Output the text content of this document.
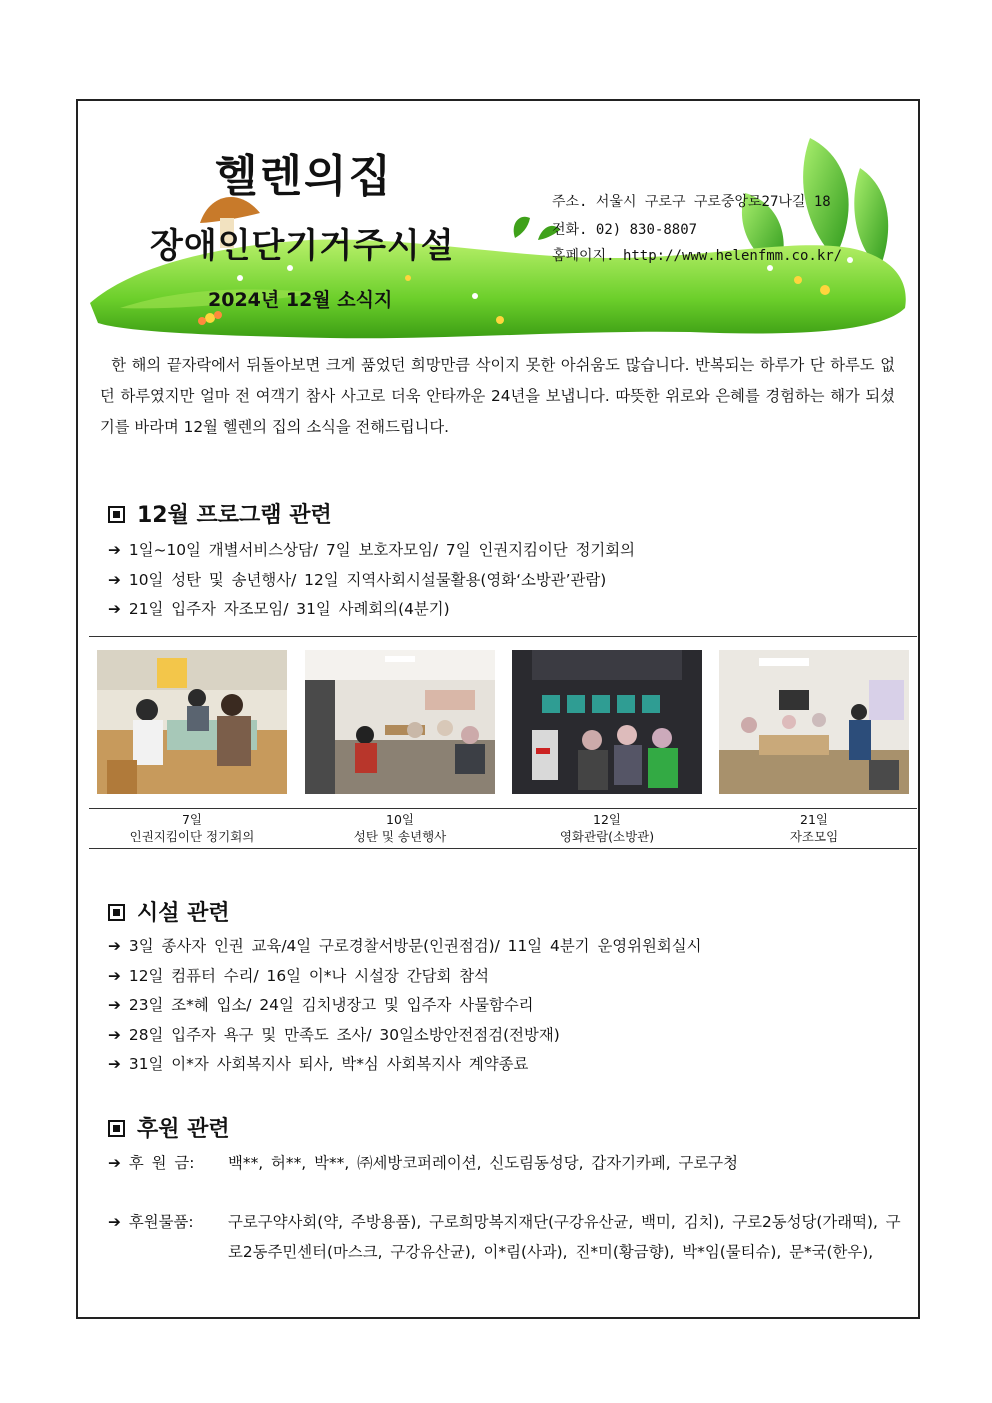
헬렌의집
장애인단기거주시설
2024년 12월 소식지
주소. 서울시 구로구 구로중앙로27나길 18
전화. 02) 830-8807
홈페이지. http://www.helenfmm.co.kr/
한 해의 끝자락에서 뒤돌아보면 크게 품었던 희망만큼 삭이지 못한 아쉬움도 많습니다. 반복되는 하루가 단 하루도 없던 하루였지만 얼마 전 여객기 참사 사고로 더욱 안타까운 24년을 보냅니다. 따뜻한 위로와 은혜를 경험하는 해가 되셨기를 바라며 12월 헬렌의 집의 소식을 전해드립니다.
12월 프로그램 관련
➔ 1일~10일 개별서비스상담/ 7일 보호자모임/ 7일 인권지킴이단 정기회의
➔ 10일 성탄 및 송년행사/ 12일 지역사회시설물활용(영화‘소방관’관람)
➔ 21일 입주자 자조모임/ 31일 사례회의(4분기)
7일
인권지킴이단 정기회의
10일
성탄 및 송년행사
12일
영화관람(소방관)
21일
자조모임
시설 관련
➔ 3일 종사자 인권 교육/4일 구로경찰서방문(인권점검)/ 11일 4분기 운영위원회실시
➔ 12일 컴퓨터 수리/ 16일 이*나 시설장 간담회 참석
➔ 23일 조*혜 입소/ 24일 김치냉장고 및 입주자 사물함수리
➔ 28일 입주자 욕구 및 만족도 조사/ 30일소방안전점검(전방재)
➔ 31일 이*자 사회복지사 퇴사, 박*심 사회복지사 계약종료
후원 관련
➔ 후 원 금: 백**, 허**, 박**, ㈜세방코퍼레이션, 신도림동성당, 갑자기카페, 구로구청
➔ 후원물품: 구로구약사회(약, 주방용품), 구로희망복지재단(구강유산균, 백미, 김치), 구로2동성당(가래떡), 구로2동주민센터(마스크, 구강유산균), 이*림(사과), 진*미(황금향), 박*임(물티슈), 문*국(한우),
